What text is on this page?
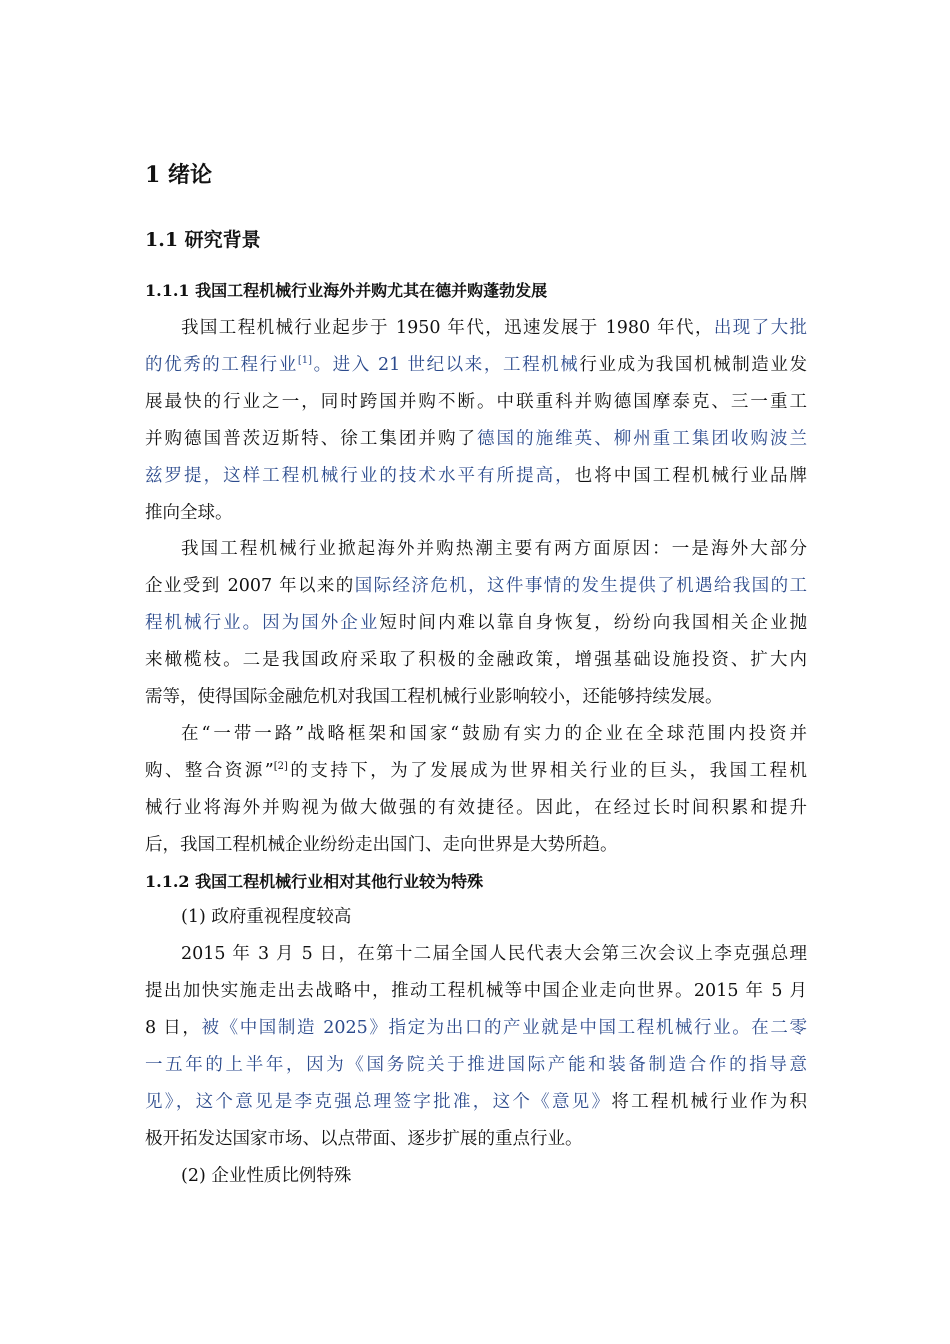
1 绪论
1.1 研究背景
1.1.1 我国工程机械行业海外并购尤其在德并购蓬勃发展
我国工程机械行业起步于 1950 年代，迅速发展于 1980 年代，出现了大批
的优秀的工程行业[1]。进入 21 世纪以来，工程机械行业成为我国机械制造业发
展最快的行业之一，同时跨国并购不断。中联重科并购德国摩泰克、三一重工
并购德国普茨迈斯特、徐工集团并购了德国的施维英、柳州重工集团收购波兰
兹罗提，这样工程机械行业的技术水平有所提高，也将中国工程机械行业品牌
推向全球。
我国工程机械行业掀起海外并购热潮主要有两方面原因：一是海外大部分
企业受到 2007 年以来的国际经济危机，这件事情的发生提供了机遇给我国的工
程机械行业。因为国外企业短时间内难以靠自身恢复，纷纷向我国相关企业抛
来橄榄枝。二是我国政府采取了积极的金融政策，增强基础设施投资、扩大内
需等，使得国际金融危机对我国工程机械行业影响较小，还能够持续发展。
在“一带一路”战略框架和国家“鼓励有实力的企业在全球范围内投资并
购、整合资源”[2]的支持下，为了发展成为世界相关行业的巨头，我国工程机
械行业将海外并购视为做大做强的有效捷径。因此，在经过长时间积累和提升
后，我国工程机械企业纷纷走出国门、走向世界是大势所趋。
1.1.2 我国工程机械行业相对其他行业较为特殊
(1) 政府重视程度较高
2015 年 3 月 5 日，在第十二届全国人民代表大会第三次会议上李克强总理
提出加快实施走出去战略中，推动工程机械等中国企业走向世界。2015 年 5 月
8 日，被《中国制造 2025》指定为出口的产业就是中国工程机械行业。在二零
一五年的上半年，因为《国务院关于推进国际产能和装备制造合作的指导意
见》，这个意见是李克强总理签字批准，这个《意见》将工程机械行业作为积
极开拓发达国家市场、以点带面、逐步扩展的重点行业。
(2) 企业性质比例特殊
